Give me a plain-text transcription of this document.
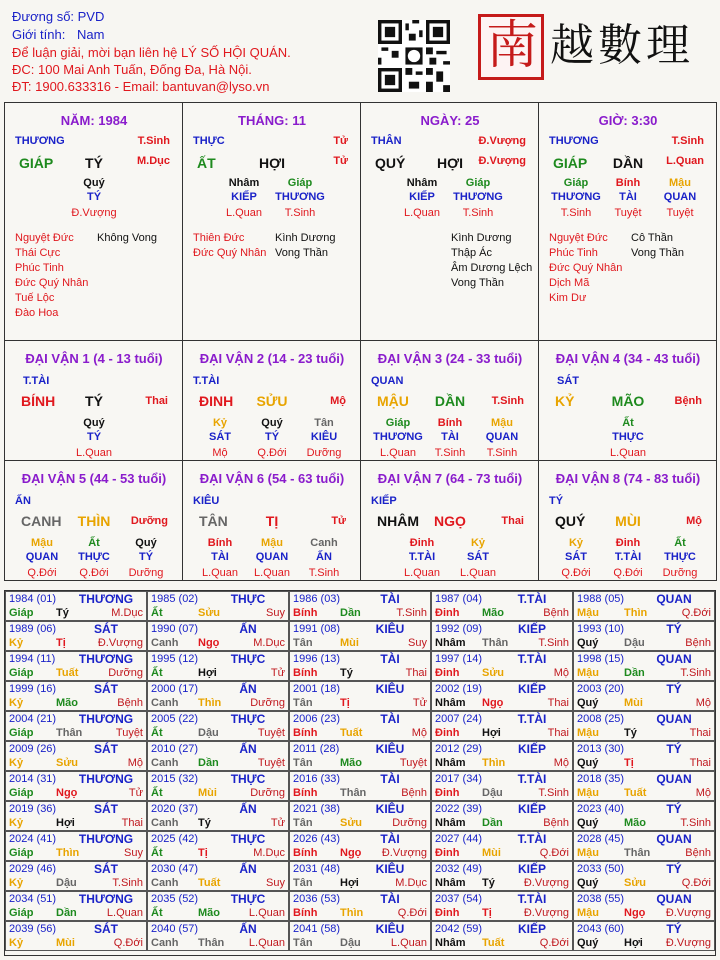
Đương số: PVD
Giới tính: Nam
Để luận giải, mời bạn liên hệ LÝ SỐ HỘI QUÁN.
ĐC: 100 Mai Anh Tuấn, Đống Đa, Hà Nội.
ĐT: 1900.633316 - Email: bantuvan@lyso.vn
南 越數理
NĂM: 1984
THƯƠNG	T.Sinh
GIÁP	TÝ	M.Dục
Quý
TÝ
Đ.Vượng
Nguyệt Đức
Thái Cực
Phúc Tinh
Đức Quý Nhân
Tuế Lộc
Đào Hoa
Không Vong
THÁNG: 11
THỰC	Tử
ẤT	HỢI	Tử
Nhâm
KIẾP
L.Quan
Giáp
THƯƠNG
T.Sinh
Thiên Đức
Đức Quý Nhân
Kình Dương
Vong Thần
NGÀY: 25
THÂN	Đ.Vượng
QUÝ	HỢI	Đ.Vượng
Nhâm
KIẾP
L.Quan
Giáp
THƯƠNG
T.Sinh
Kình Dương
Thập Ác
Âm Dương Lệch
Vong Thần
GIỜ: 3:30
THƯƠNG	T.Sinh
GIÁP	DẦN	L.Quan
Giáp
THƯƠNG
T.Sinh
Bính
TÀI
Tuyệt
Mậu
QUAN
Tuyệt
Nguyệt Đức
Phúc Tinh
Đức Quý Nhân
Dịch Mã
Kim Dư
Cô Thần
Vong Thần
ĐẠI VẬN 1 (4 - 13 tuổi)
T.TÀI
BÍNH	TÝ	Thai
Quý
TÝ
L.Quan
ĐẠI VẬN 2 (14 - 23 tuổi)
T.TÀI
ĐINH	SỬU	Mộ
Kỷ
SÁT
Mộ
Quý
TÝ
Q.Đới
Tân
KIÊU
Dưỡng
ĐẠI VẬN 3 (24 - 33 tuổi)
QUAN
MẬU	DẦN	T.Sinh
Giáp
THƯƠNG
L.Quan
Bính
TÀI
T.Sinh
Mậu
QUAN
T.Sinh
ĐẠI VẬN 4 (34 - 43 tuổi)
SÁT
KỶ	MÃO	Bệnh
Ất
THỰC
L.Quan
ĐẠI VẬN 5 (44 - 53 tuổi)
ẤN
CANH	THÌN	Dưỡng
Mậu
QUAN
Q.Đới
Ất
THỰC
Q.Đới
Quý
TÝ
Dưỡng
ĐẠI VẬN 6 (54 - 63 tuổi)
KIÊU
TÂN	TỊ	Tử
Bính
TÀI
L.Quan
Mậu
QUAN
L.Quan
Canh
ẤN
T.Sinh
ĐẠI VẬN 7 (64 - 73 tuổi)
KIẾP
NHÂM	NGỌ	Thai
Đinh
T.TÀI
L.Quan
Kỷ
SÁT
L.Quan
ĐẠI VẬN 8 (74 - 83 tuổi)
TÝ
QUÝ	MÙI	Mộ
Kỷ
SÁT
Q.Đới
Đinh
T.TÀI
Q.Đới
Ất
THỰC
Dưỡng
1984 (01)	THƯƠNG
Giáp Tý	M.Dục
1985 (02)	THỰC
Ất	Sửu	Suy
1986 (03)	TÀI
Bính Dần	T.Sinh
1987 (04)	T.TÀI
Đinh Mão	Bệnh
1988 (05)	QUAN
Mậu Thìn	Q.Đới
1989 (06)	SÁT
Kỷ	Tị	Đ.Vượng
1990 (07)	ẤN
Canh Ngọ	M.Dục
1991 (08)	KIÊU
Tân Mùi	Suy
1992 (09)	KIẾP
Nhâm Thân	T.Sinh
1993 (10)	TÝ
Quý Dậu	Bệnh
1994 (11)	THƯƠNG
Giáp Tuất	Dưỡng
1995 (12)	THỰC
Ất	Hợi	Tử
1996 (13)	TÀI
Bính Tý	Thai
1997 (14)	T.TÀI
Đinh Sửu	Mộ
1998 (15)	QUAN
Mậu Dần	T.Sinh
1999 (16)	SÁT
Kỷ	Mão	Bệnh
2000 (17)	ẤN
Canh Thìn	Dưỡng
2001 (18)	KIÊU
Tân Tị	Tử
2002 (19)	KIẾP
Nhâm Ngọ	Thai
2003 (20)	TÝ
Quý Mùi	Mộ
2004 (21)	THƯƠNG
Giáp Thân	Tuyệt
2005 (22)	THỰC
Ất	Dậu	Tuyệt
2006 (23)	TÀI
Bính Tuất	Mộ
2007 (24)	T.TÀI
Đinh Hợi	Thai
2008 (25)	QUAN
Mậu Tý	Thai
2009 (26)	SÁT
Kỷ	Sửu	Mộ
2010 (27)	ẤN
Canh Dần	Tuyệt
2011 (28)	KIÊU
Tân Mão	Tuyệt
2012 (29)	KIẾP
Nhâm Thìn	Mộ
2013 (30)	TÝ
Quý Tị	Thai
2014 (31)	THƯƠNG
Giáp Ngọ	Tử
2015 (32)	THỰC
Ất	Mùi	Dưỡng
2016 (33)	TÀI
Bính Thân	Bệnh
2017 (34)	T.TÀI
Đinh Dậu	T.Sinh
2018 (35)	QUAN
Mậu Tuất	Mộ
2019 (36)	SÁT
Kỷ	Hợi	Thai
2020 (37)	ẤN
Canh Tý	Tử
2021 (38)	KIÊU
Tân Sửu	Dưỡng
2022 (39)	KIẾP
Nhâm Dần	Bệnh
2023 (40)	TÝ
Quý Mão	T.Sinh
2024 (41)	THƯƠNG
Giáp Thìn	Suy
2025 (42)	THỰC
Ất	Tị	M.Dục
2026 (43)	TÀI
Bính Ngọ	Đ.Vượng
2027 (44)	T.TÀI
Đinh Mùi	Q.Đới
2028 (45)	QUAN
Mậu Thân	Bệnh
2029 (46)	SÁT
Kỷ	Dậu	T.Sinh
2030 (47)	ẤN
Canh Tuất	Suy
2031 (48)	KIÊU
Tân Hợi	M.Dục
2032 (49)	KIẾP
Nhâm Tý	Đ.Vượng
2033 (50)	TÝ
Quý Sửu	Q.Đới
2034 (51)	THƯƠNG
Giáp Dần	L.Quan
2035 (52)	THỰC
Ất	Mão	L.Quan
2036 (53)	TÀI
Bính Thìn	Q.Đới
2037 (54)	T.TÀI
Đinh Tị	Đ.Vượng
2038 (55)	QUAN
Mậu Ngọ	Đ.Vượng
2039 (56)	SÁT
Kỷ	Mùi	Q.Đới
2040 (57)	ẤN
Canh Thân	L.Quan
2041 (58)	KIÊU
Tân Dậu	L.Quan
2042 (59)	KIẾP
Nhâm Tuất	Q.Đới
2043 (60)	TÝ
Quý Hợi	Đ.Vượng
